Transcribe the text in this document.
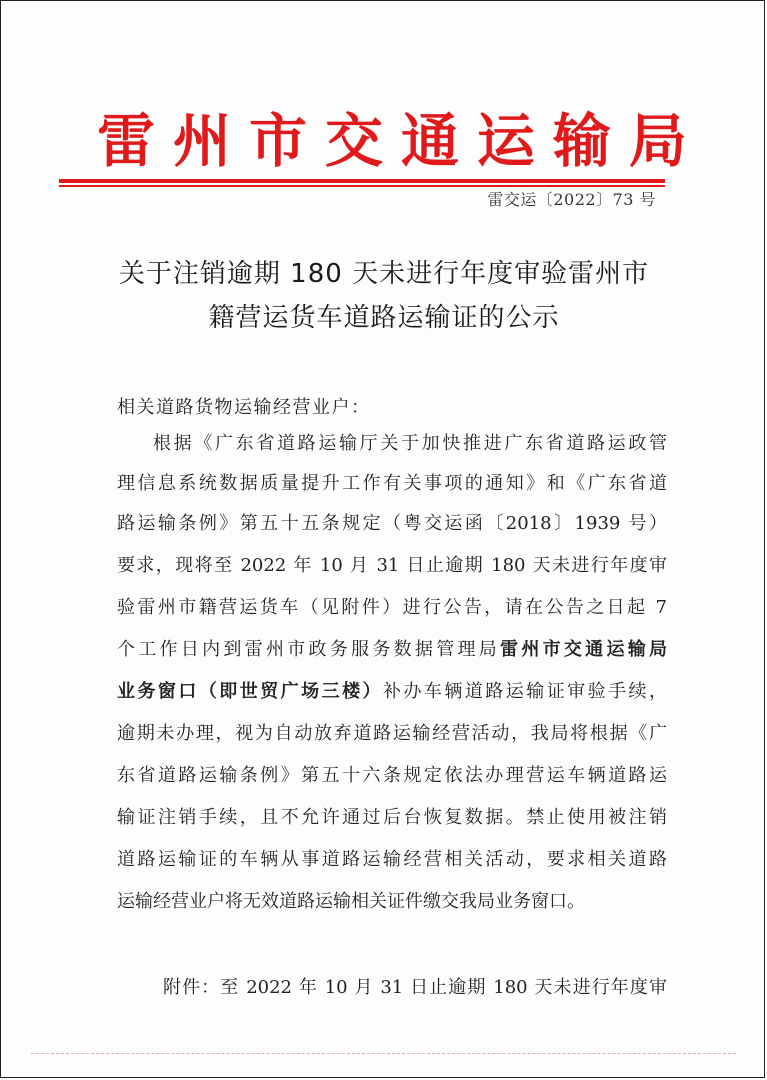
雷 州 市 交 通 运 输 局
雷交运〔2022〕73 号
关于注销逾期 180 天未进行年度审验雷州市
籍营运货车道路运输证的公示
相关道路货物运输经营业户：
根据《广东省道路运输厅关于加快推进广东省道路运政管
理信息系统数据质量提升工作有关事项的通知》和《广东省道
路运输条例》第五十五条规定（粤交运函〔2018〕1939 号）
要求，现将至 2022 年 10 月 31 日止逾期 180 天未进行年度审
验雷州市籍营运货车（见附件）进行公告，请在公告之日起 7
个工作日内到雷州市政务服务数据管理局雷州市交通运输局
业务窗口（即世贸广场三楼）补办车辆道路运输证审验手续，
逾期未办理，视为自动放弃道路运输经营活动，我局将根据《广
东省道路运输条例》第五十六条规定依法办理营运车辆道路运
输证注销手续，且不允许通过后台恢复数据。禁止使用被注销
道路运输证的车辆从事道路运输经营相关活动，要求相关道路
运输经营业户将无效道路运输相关证件缴交我局业务窗口。
附件：至 2022 年 10 月 31 日止逾期 180 天未进行年度审
